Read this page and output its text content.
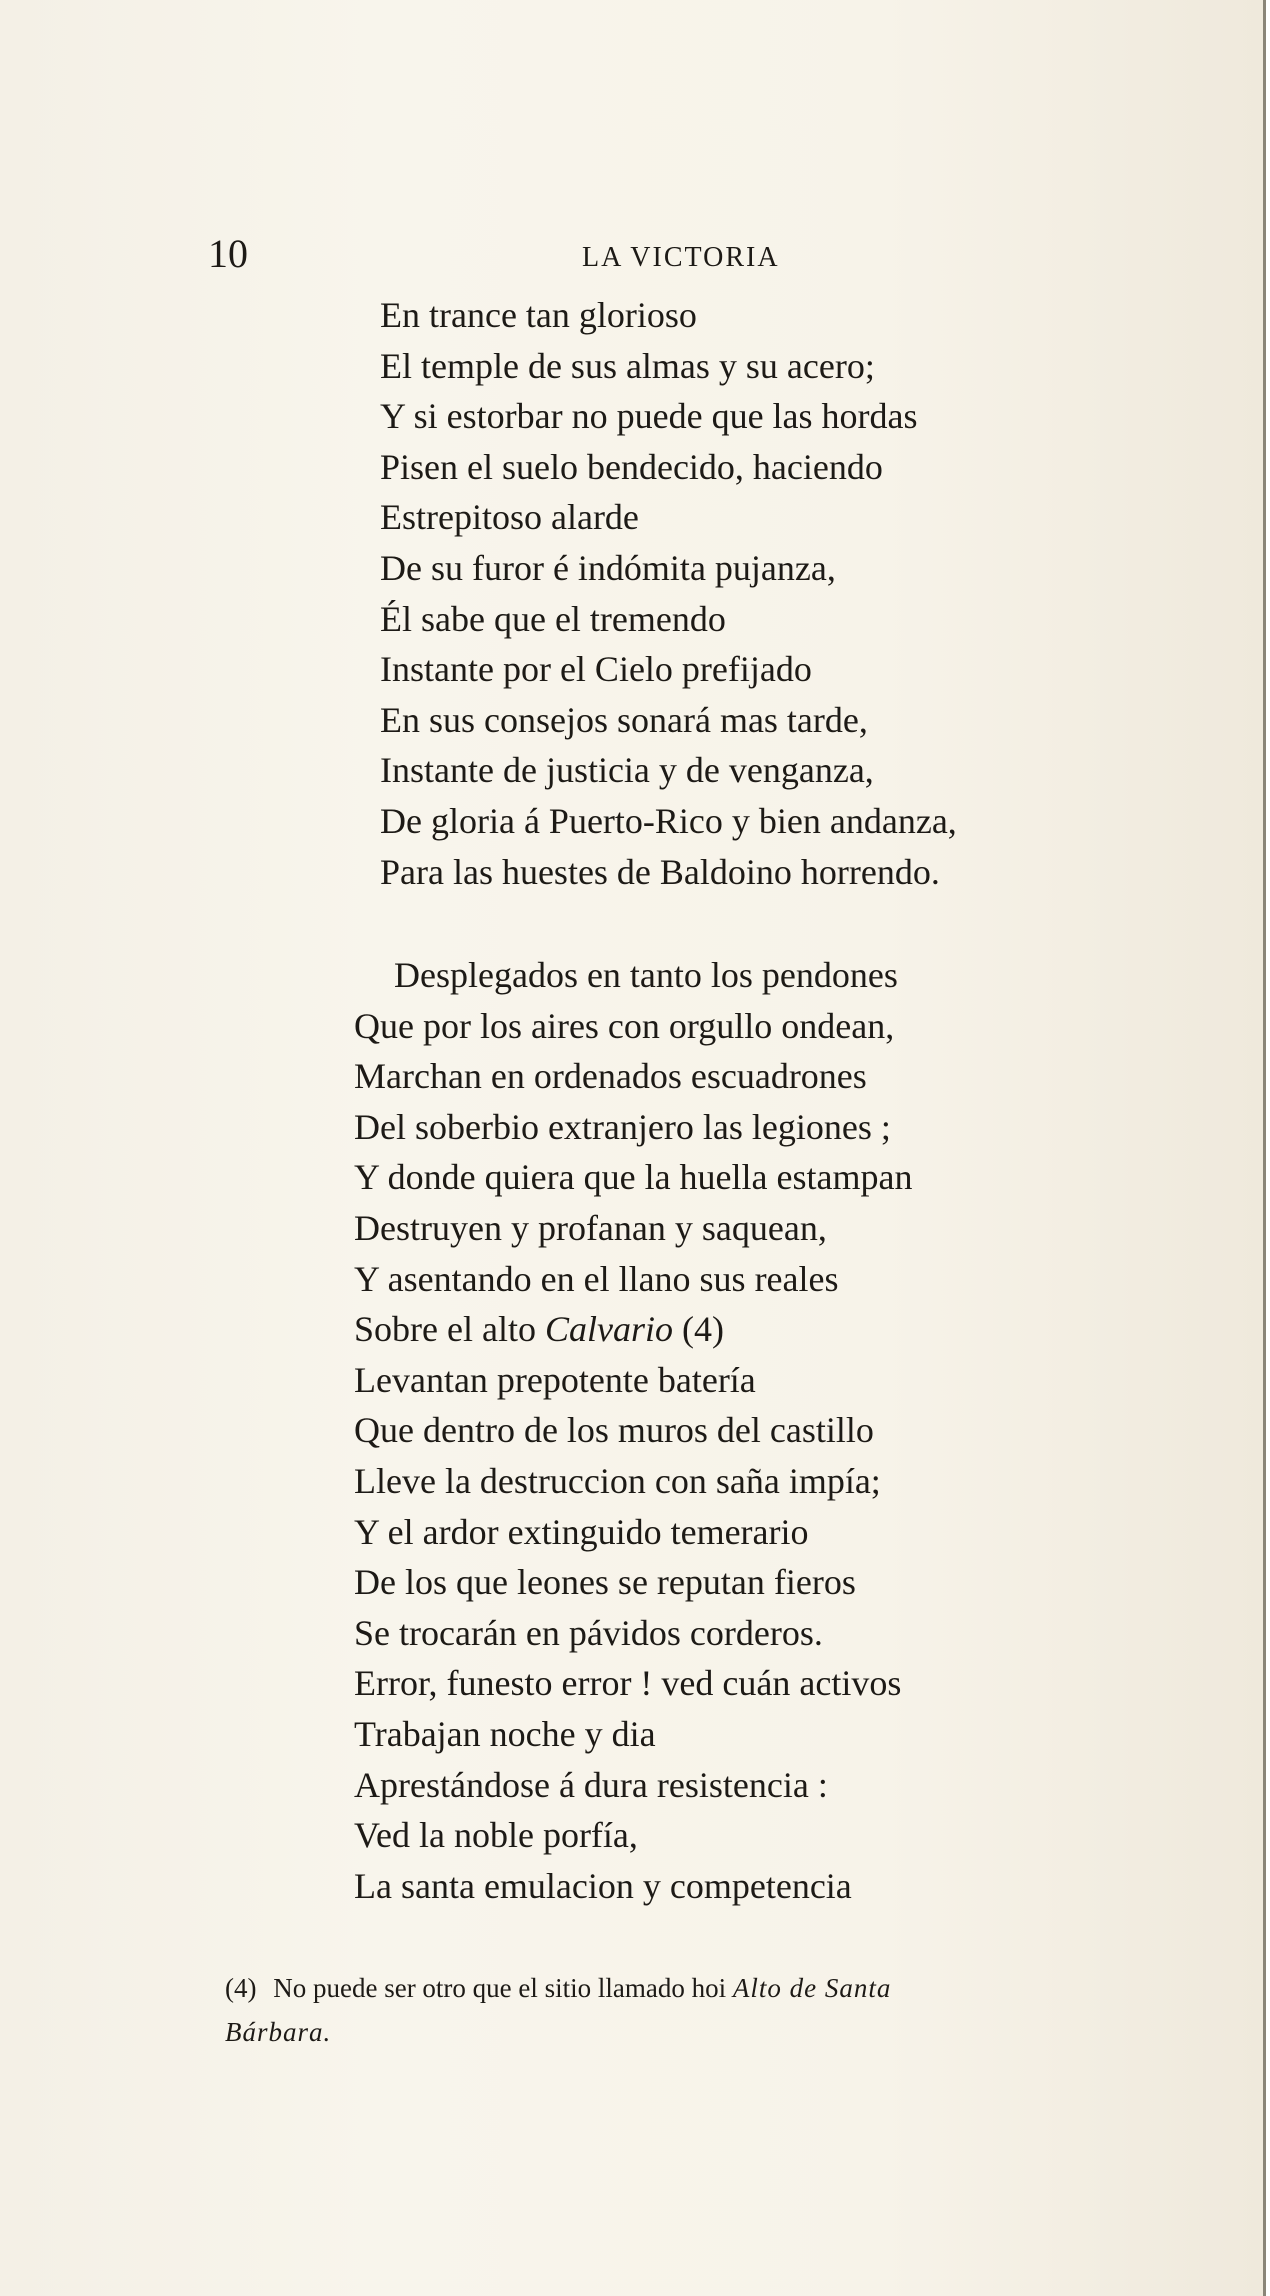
10	LA VICTORIA
En trance tan glorioso
El temple de sus almas y su acero;
Y si estorbar no puede que las hordas
Pisen el suelo bendecido, haciendo
Estrepitoso alarde
De su furor é indómita pujanza,
Él sabe que el tremendo
Instante por el Cielo prefijado
En sus consejos sonará mas tarde,
Instante de justicia y de venganza,
De gloria á Puerto-Rico y bien andanza,
Para las huestes de Baldoino horrendo.
Desplegados en tanto los pendones
Que por los aires con orgullo ondean,
Marchan en ordenados escuadrones
Del soberbio extranjero las legiones ;
Y donde quiera que la huella estampan
Destruyen y profanan y saquean,
Y asentando en el llano sus reales
Sobre el alto Calvario (4)
Levantan prepotente batería
Que dentro de los muros del castillo
Lleve la destruccion con saña impía;
Y el ardor extinguido temerario
De los que leones se reputan fieros
Se trocarán en pávidos corderos.
Error, funesto error ! ved cuán activos
Trabajan noche y dia
Aprestándose á dura resistencia :
Ved la noble porfía,
La santa emulacion y competencia
(4) No puede ser otro que el sitio llamado hoi Alto de Santa
Bárbara.
